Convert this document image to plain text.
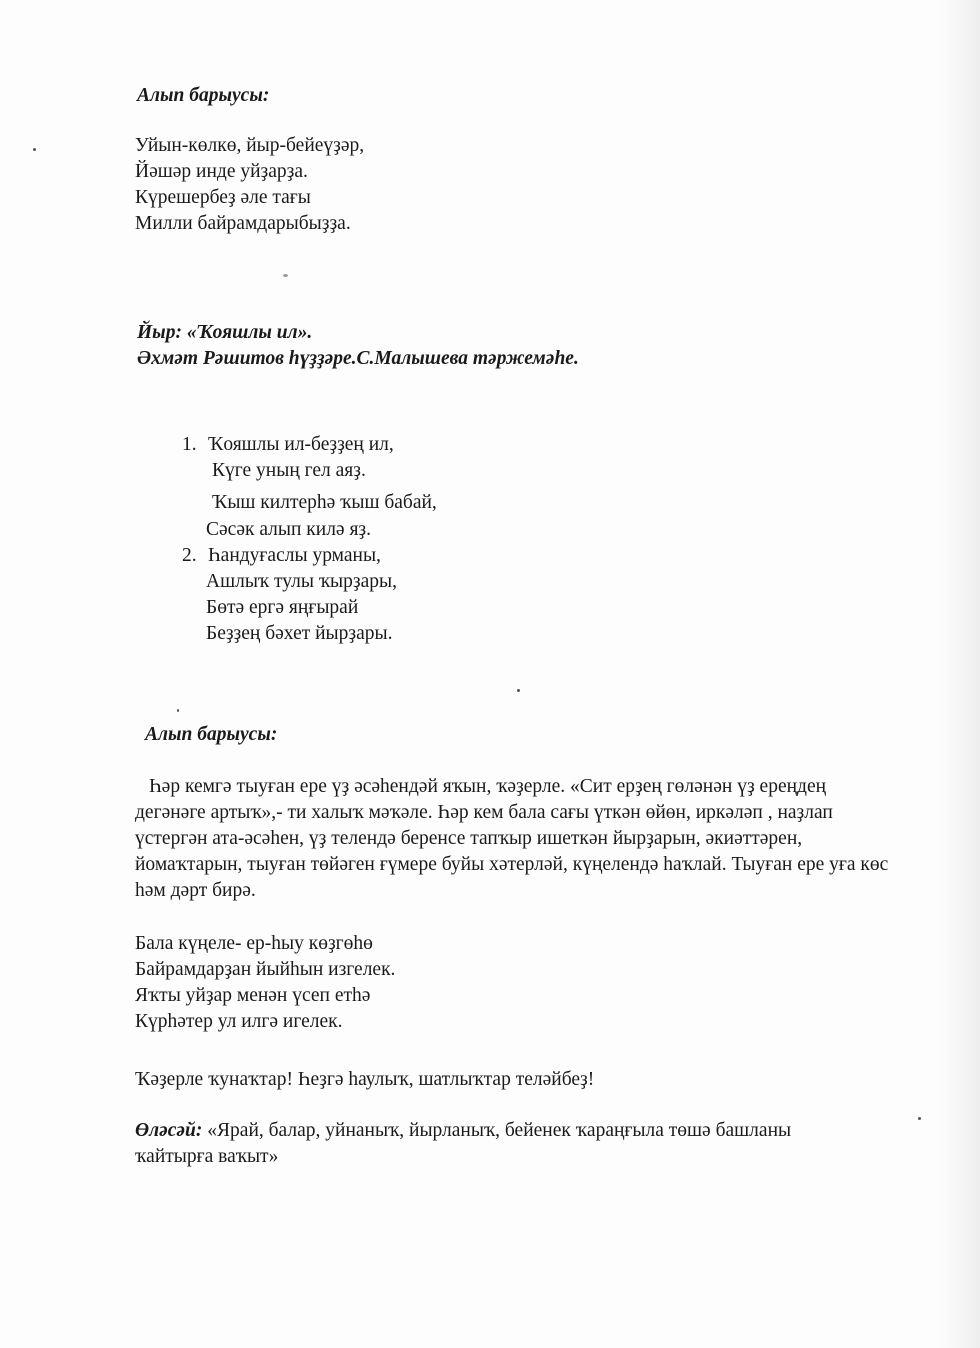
Алып барыусы:
Уйын-көлкө, йыр-бейеүҙәр,
Йәшәр инде уйҙарҙа.
Күрешербеҙ әле тағы
Милли байрамдарыбыҙҙа.
Йыр: «Ҡояшлы ил».
Әхмәт Рәшитов һүҙҙәре.С.Малышева тәржемәһе.
1. Ҡояшлы ил-беҙҙең ил,
Күге уның гел аяҙ.
Ҡыш килтерһә ҡыш бабай,
Сәсәк алып килә яҙ.
2. Һандуғаслы урманы,
Ашлыҡ тулы ҡырҙары,
Бөтә ергә яңғырай
Беҙҙең бәхет йырҙары.
Алып барыусы:
Һәр кемгә тыуған ере үҙ әсәһендәй яҡын, ҡәҙерле. «Сит ерҙең гөләнән үҙ ереңдең дегәнәге артыҡ»,- ти халыҡ мәҡәле. Һәр кем бала сағы үткән өйөн, иркәләп , наҙлап үстергән ата-әсәһен, үҙ телендә беренсе тапҡыр ишеткән йырҙарын, әкиәттәрен, йомаҡтарын, тыуған төйәген ғүмере буйы хәтерләй, күңелендә һаҡлай. Тыуған ере уға көс һәм дәрт бирә.
Бала күңеле- ер-һыу көҙгөһө
Байрамдарҙан йыйһын изгелек.
Яҡты уйҙар менән үсеп етһә
Күрһәтер ул илгә игелек.
Ҡәҙерле ҡунаҡтар! Һеҙгә һаулыҡ, шатлыҡтар теләйбеҙ!
Өләсәй: «Ярай, балар, уйнаныҡ, йырланыҡ, бейенек ҡараңғыла төшә башланы ҡайтырға ваҡыт»
